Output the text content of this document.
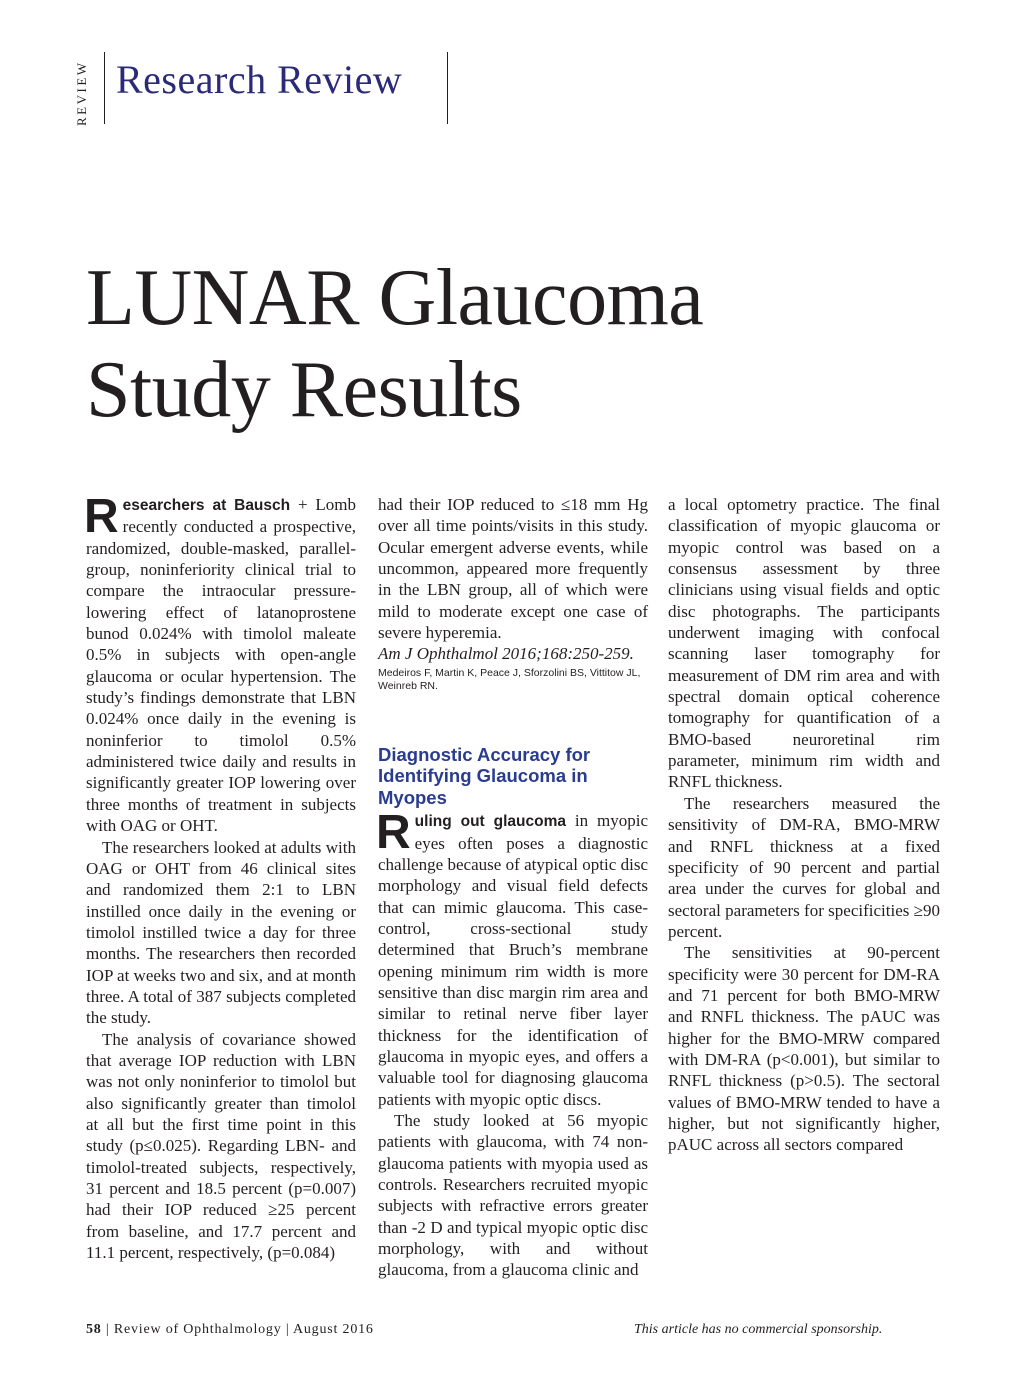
REVIEW Research Review
LUNAR Glaucoma
Study Results

Researchers at Bausch + Lomb recently conducted a prospective, randomized, double-masked, parallel-group, noninferiority clinical trial to compare the intraocular pressure-lowering effect of latanoprostene bunod 0.024% with timolol maleate 0.5% in subjects with open-angle glaucoma or ocular hypertension. The study’s findings demonstrate that LBN 0.024% once daily in the evening is noninferior to timolol 0.5% administered twice daily and results in significantly greater IOP lowering over three months of treatment in subjects with OAG or OHT.

The researchers looked at adults with OAG or OHT from 46 clinical sites and randomized them 2:1 to LBN instilled once daily in the evening or timolol instilled twice a day for three months. The researchers then recorded IOP at weeks two and six, and at month three. A total of 387 subjects completed the study.

The analysis of covariance showed that average IOP reduction with LBN was not only noninferior to timolol but also significantly greater than timolol at all but the first time point in this study (p≤0.025). Regarding LBN- and timolol-treated subjects, respectively, 31 percent and 18.5 percent (p=0.007) had their IOP reduced ≥25 percent from baseline, and 17.7 percent and 11.1 percent, respectively, (p=0.084)

had their IOP reduced to ≤18 mm Hg over all time points/visits in this study. Ocular emergent adverse events, while uncommon, appeared more frequently in the LBN group, all of which were mild to moderate except one case of severe hyperemia.

Am J Ophthalmol 2016;168:250-259.

Medeiros F, Martin K, Peace J, Sforzolini BS, Vittitow JL, Weinreb RN.

Diagnostic Accuracy for Identifying Glaucoma in Myopes

Ruling out glaucoma in myopic eyes often poses a diagnostic challenge because of atypical optic disc morphology and visual field defects that can mimic glaucoma. This case-control, cross-sectional study determined that Bruch’s membrane opening minimum rim width is more sensitive than disc margin rim area and similar to retinal nerve fiber layer thickness for the identification of glaucoma in myopic eyes, and offers a valuable tool for diagnosing glaucoma patients with myopic optic discs.

The study looked at 56 myopic patients with glaucoma, with 74 non-glaucoma patients with myopia used as controls. Researchers recruited myopic subjects with refractive errors greater than -2 D and typical myopic optic disc morphology, with and without glaucoma, from a glaucoma clinic and

a local optometry practice. The final classification of myopic glaucoma or myopic control was based on a consensus assessment by three clinicians using visual fields and optic disc photographs. The participants underwent imaging with confocal scanning laser tomography for measurement of DM rim area and with spectral domain optical coherence tomography for quantification of a BMO-based neuroretinal rim parameter, minimum rim width and RNFL thickness.

The researchers measured the sensitivity of DM-RA, BMO-MRW and RNFL thickness at a fixed specificity of 90 percent and partial area under the curves for global and sectoral parameters for specificities ≥90 percent.

The sensitivities at 90-percent specificity were 30 percent for DM-RA and 71 percent for both BMO-MRW and RNFL thickness. The pAUC was higher for the BMO-MRW compared with DM-RA (p<0.001), but similar to RNFL thickness (p>0.5). The sectoral values of BMO-MRW tended to have a higher, but not significantly higher, pAUC across all sectors compared

58 | Review of Ophthalmology | August 2016	This article has no commercial sponsorship.
